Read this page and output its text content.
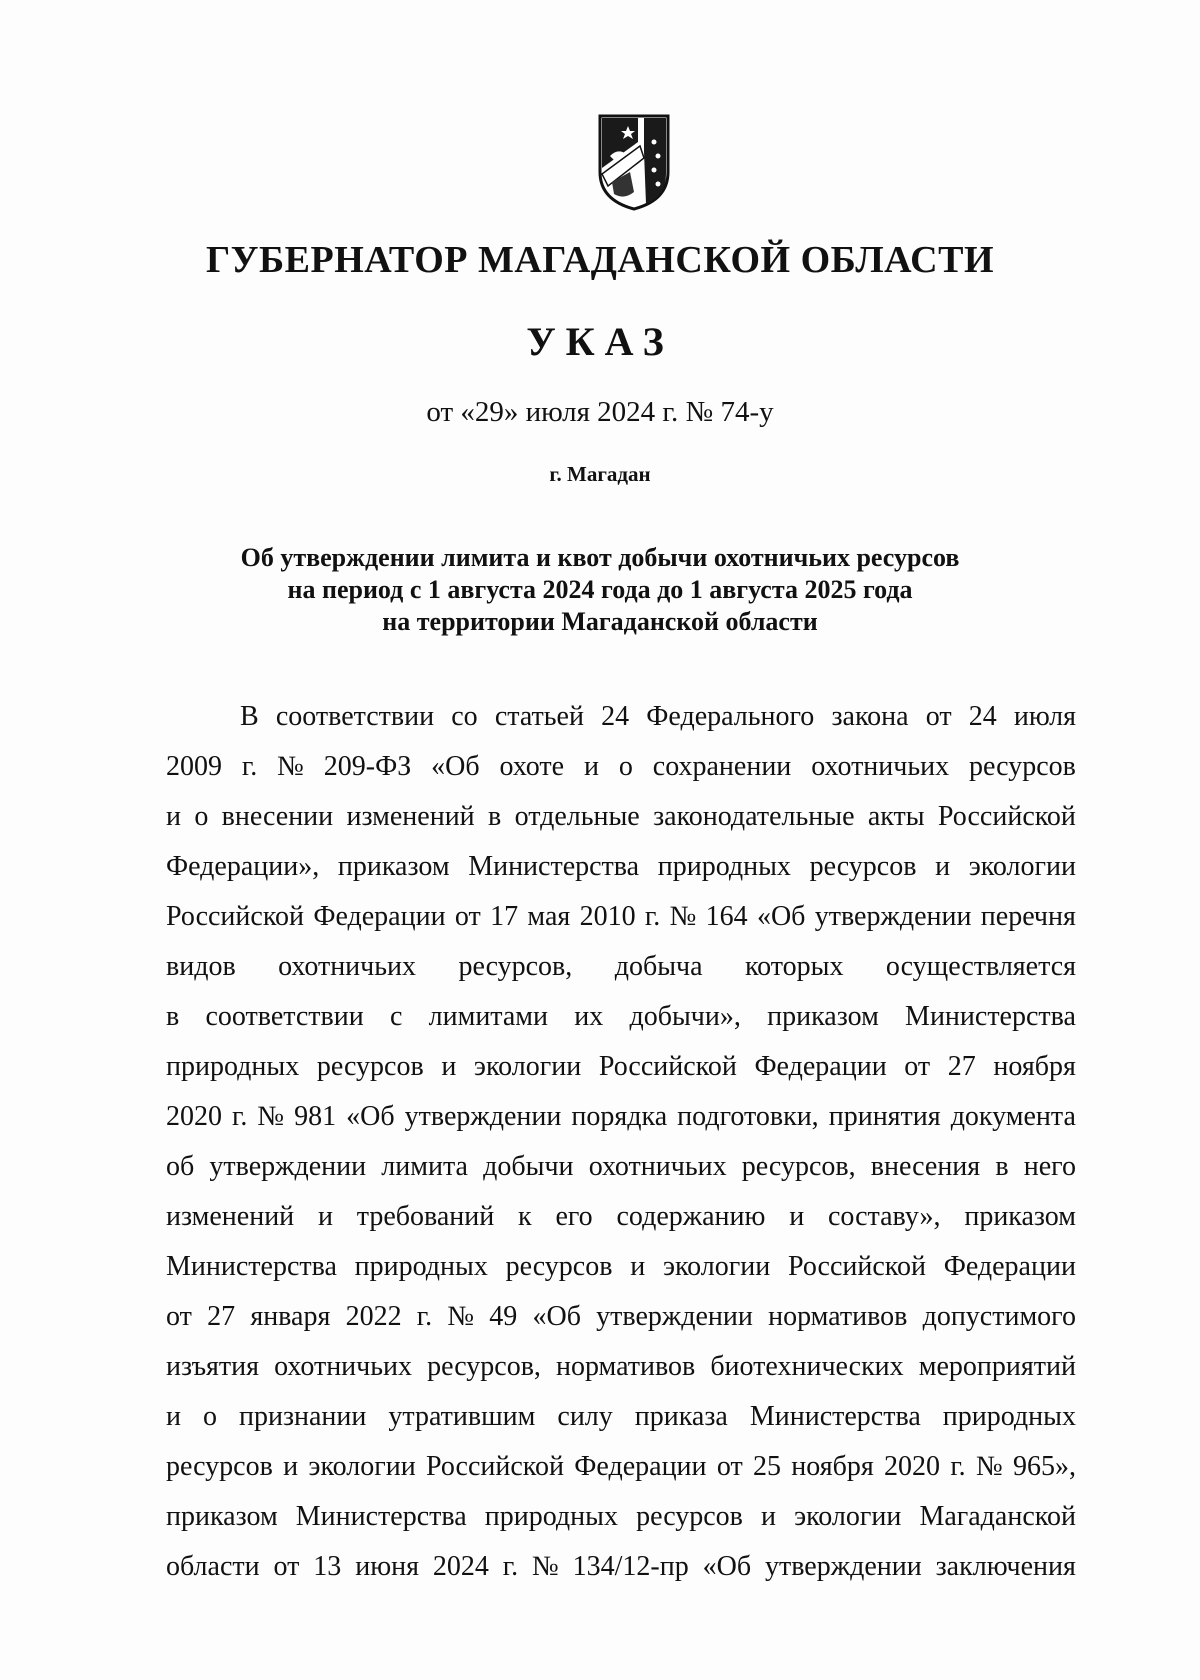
ГУБЕРНАТОР МАГАДАНСКОЙ ОБЛАСТИ
УКАЗ
от «29» июля 2024 г. № 74-у
г. Магадан
Об утверждении лимита и квот добычи охотничьих ресурсов
на период с 1 августа 2024 года до 1 августа 2025 года
на территории Магаданской области
В соответствии со статьей 24 Федерального закона от 24 июля
2009 г. № 209-ФЗ «Об охоте и о сохранении охотничьих ресурсов
и о внесении изменений в отдельные законодательные акты Российской
Федерации», приказом Министерства природных ресурсов и экологии
Российской Федерации от 17 мая 2010 г. № 164 «Об утверждении перечня
видов охотничьих ресурсов, добыча которых осуществляется
в соответствии с лимитами их добычи», приказом Министерства
природных ресурсов и экологии Российской Федерации от 27 ноября
2020 г. № 981 «Об утверждении порядка подготовки, принятия документа
об утверждении лимита добычи охотничьих ресурсов, внесения в него
изменений и требований к его содержанию и составу», приказом
Министерства природных ресурсов и экологии Российской Федерации
от 27 января 2022 г. № 49 «Об утверждении нормативов допустимого
изъятия охотничьих ресурсов, нормативов биотехнических мероприятий
и о признании утратившим силу приказа Министерства природных
ресурсов и экологии Российской Федерации от 25 ноября 2020 г. № 965»,
приказом Министерства природных ресурсов и экологии Магаданской
области от 13 июня 2024 г. № 134/12-пр «Об утверждении заключения
